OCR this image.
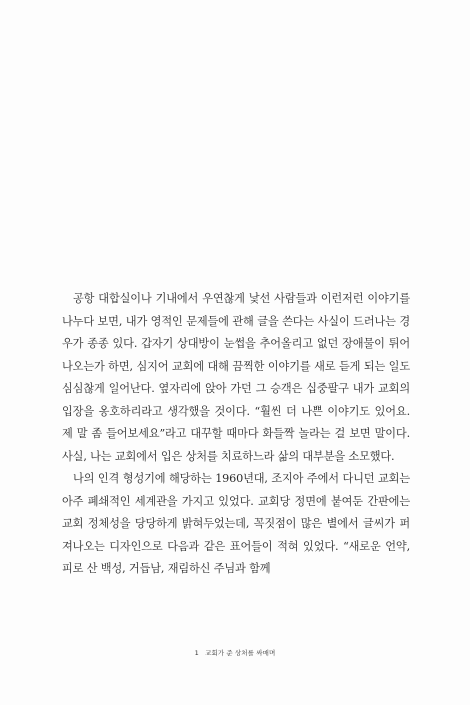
공항 대합실이나 기내에서 우연찮게 낯선 사람들과 이런저런 이야기를 나누다 보면, 내가 영적인 문제들에 관해 글을 쓴다는 사실이 드러나는 경우가 종종 있다. 갑자기 상대방이 눈썹을 추어올리고 없던 장애물이 튀어나오는가 하면, 심지어 교회에 대해 끔찍한 이야기를 새로 듣게 되는 일도 심심찮게 일어난다. 옆자리에 앉아 가던 그 승객은 십중팔구 내가 교회의 입장을 옹호하리라고 생각했을 것이다. “훨씬 더 나쁜 이야기도 있어요. 제 말 좀 들어보세요”라고 대꾸할 때마다 화들짝 놀라는 걸 보면 말이다. 사실, 나는 교회에서 입은 상처를 치료하느라 삶의 대부분을 소모했다.

나의 인격 형성기에 해당하는 1960년대, 조지아 주에서 다니던 교회는 아주 폐쇄적인 세계관을 가지고 있었다. 교회당 정면에 붙여둔 간판에는 교회 정체성을 당당하게 밝혀두었는데, 꼭짓점이 많은 별에서 글씨가 퍼져나오는 디자인으로 다음과 같은 표어들이 적혀 있었다. “새로운 언약, 피로 산 백성, 거듭남, 재림하신 주님과 함께

1 교회가 준 상처를 싸매며
